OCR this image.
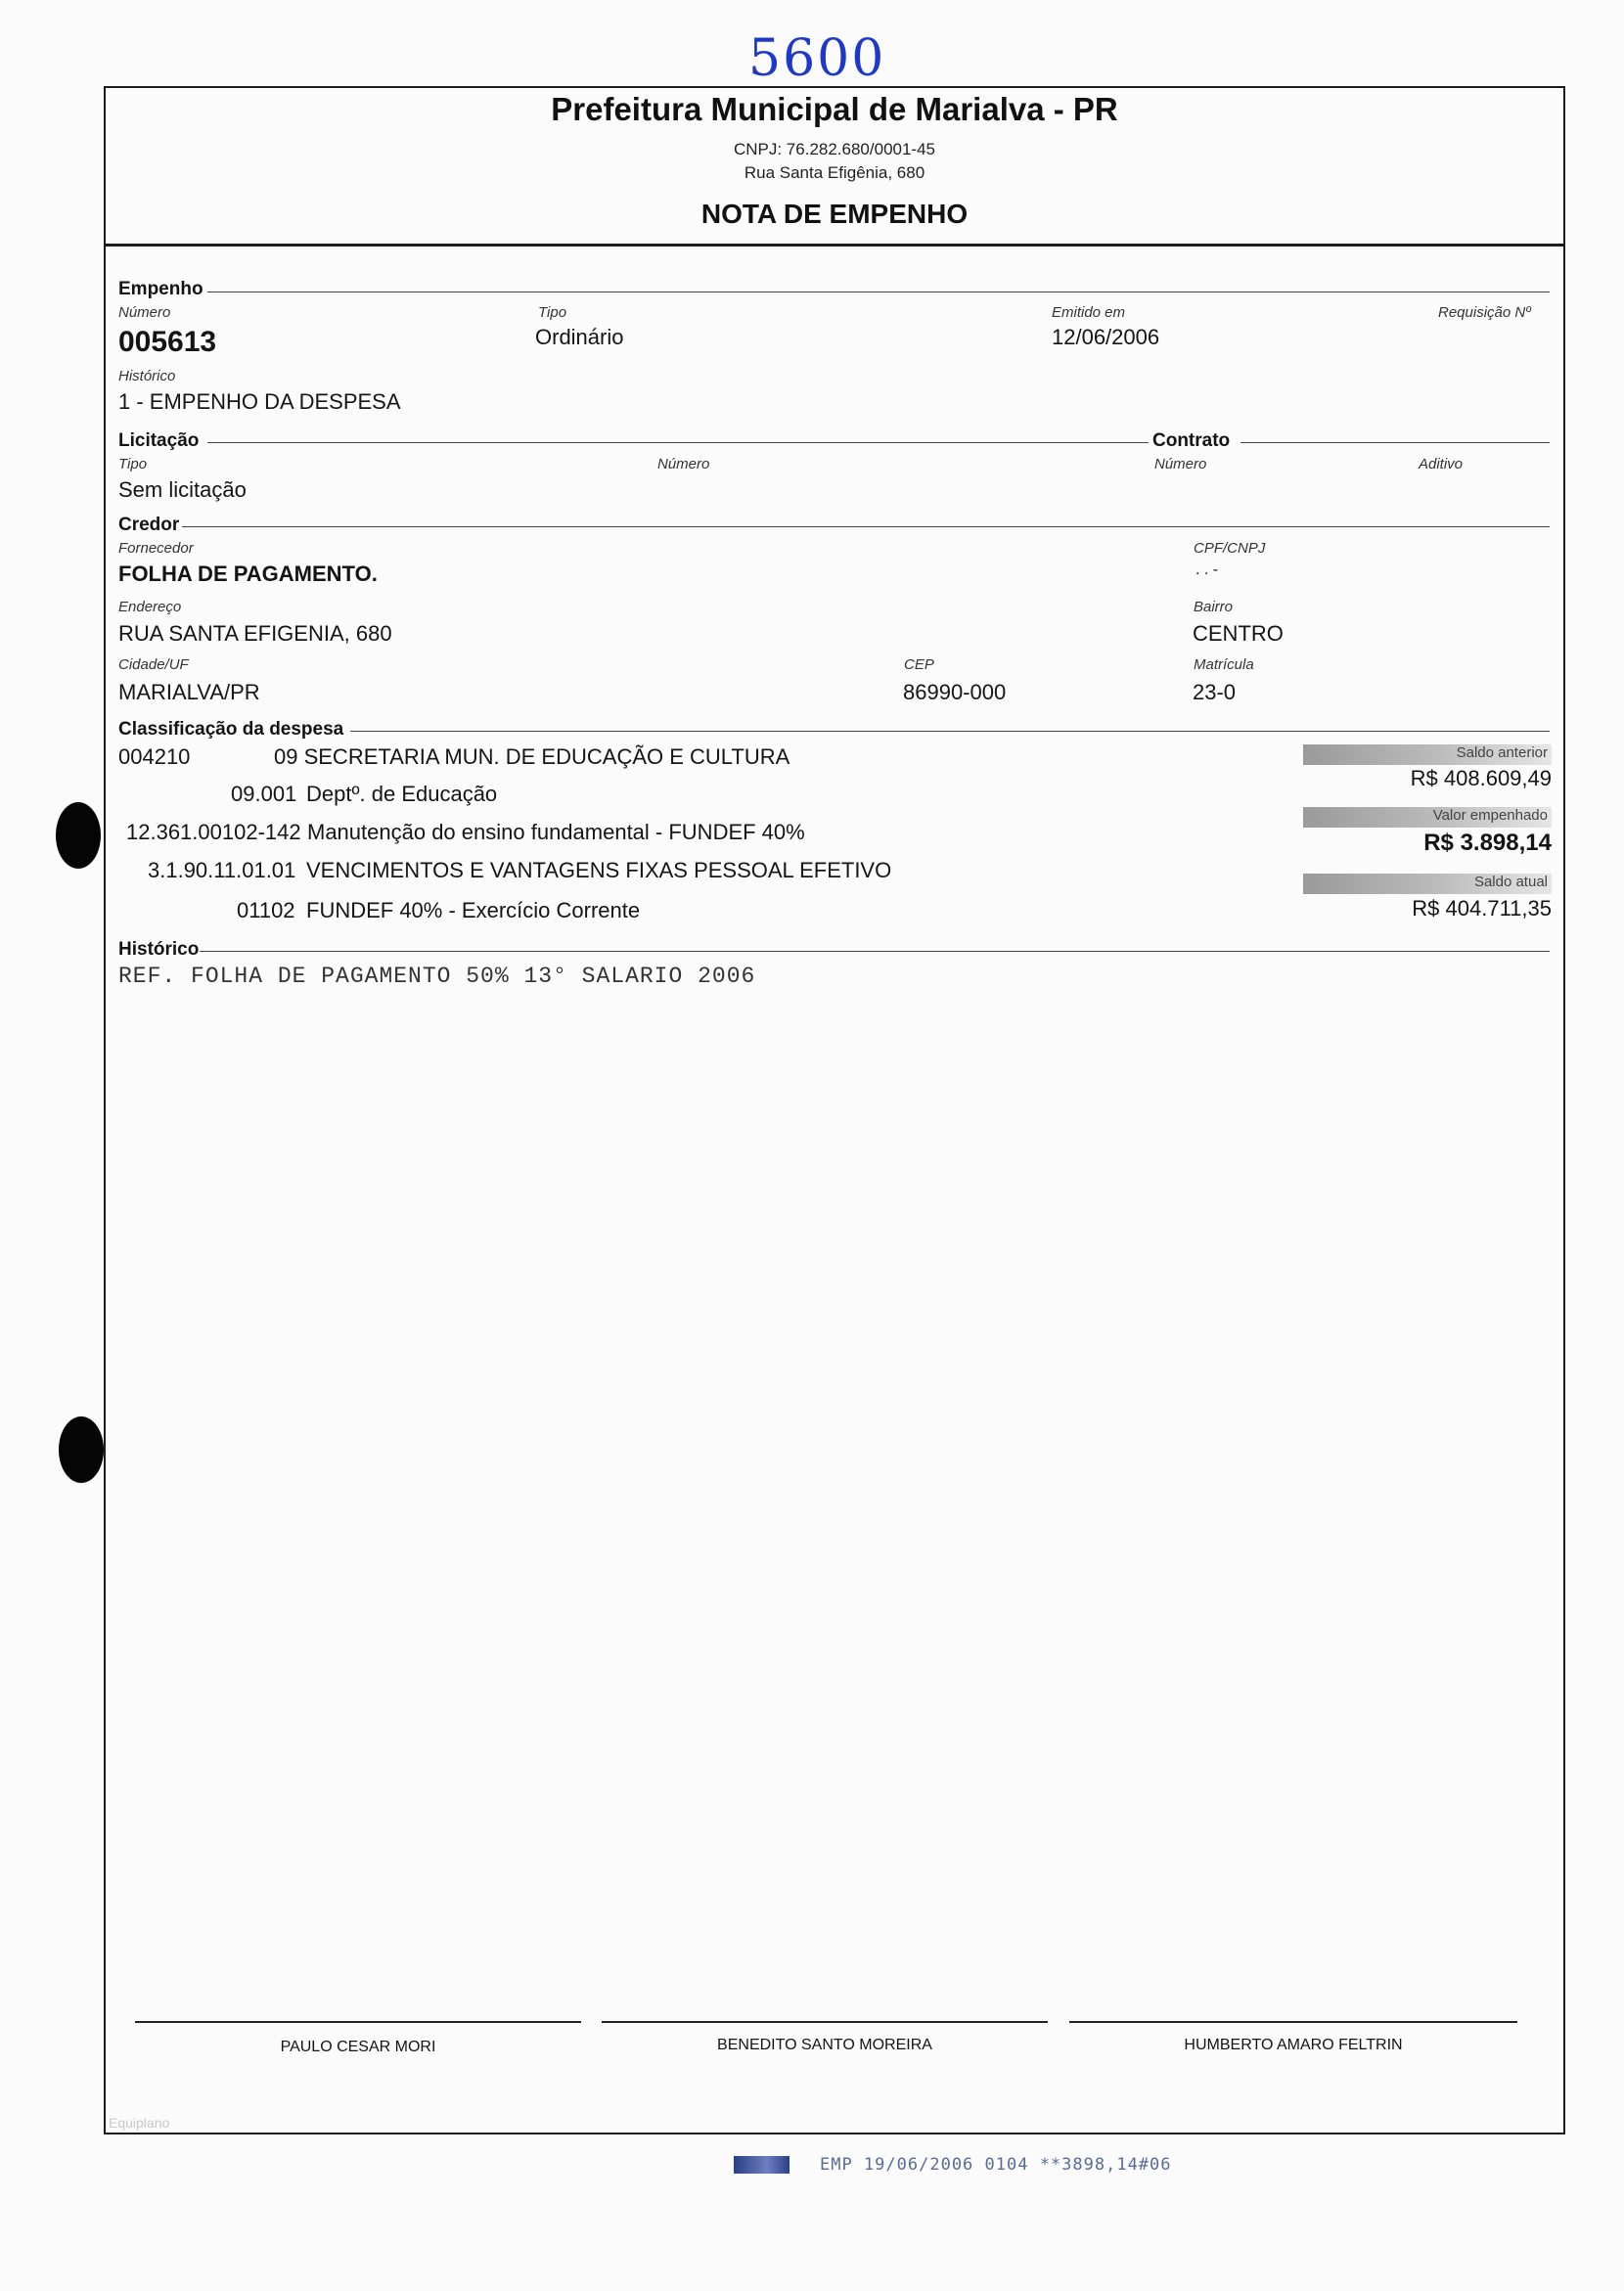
5600
Prefeitura Municipal de Marialva - PR
CNPJ: 76.282.680/0001-45
Rua Santa Efigênia, 680
NOTA DE EMPENHO
Empenho
Número
005613
Tipo
Ordinário
Emitido em
12/06/2006
Requisição Nº
Histórico
1 - EMPENHO DA DESPESA
Licitação	Contrato
Tipo
Sem licitação
Número	Número	Aditivo
Credor
Fornecedor
FOLHA DE PAGAMENTO.
CPF/CNPJ
. . -
Endereço
RUA SANTA EFIGENIA, 680
Bairro
CENTRO
Cidade/UF
MARIALVA/PR
CEP
86990-000
Matrícula
23-0
Classificação da despesa
004210	09 SECRETARIA MUN. DE EDUCAÇÃO E CULTURA
09.001 Deptº. de Educação
12.361.00102-142 Manutenção do ensino fundamental - FUNDEF 40%
3.1.90.11.01.01 VENCIMENTOS E VANTAGENS FIXAS PESSOAL EFETIVO
01102 FUNDEF 40% - Exercício Corrente
Saldo anterior
R$ 408.609,49
Valor empenhado
R$ 3.898,14
Saldo atual
R$ 404.711,35
Histórico
REF. FOLHA DE PAGAMENTO 50% 13° SALARIO 2006
PAULO CESAR MORI	BENEDITO SANTO MOREIRA	HUMBERTO AMARO FELTRIN
Equiplano
EMP 19/06/2006 0104 **3898,14#06
